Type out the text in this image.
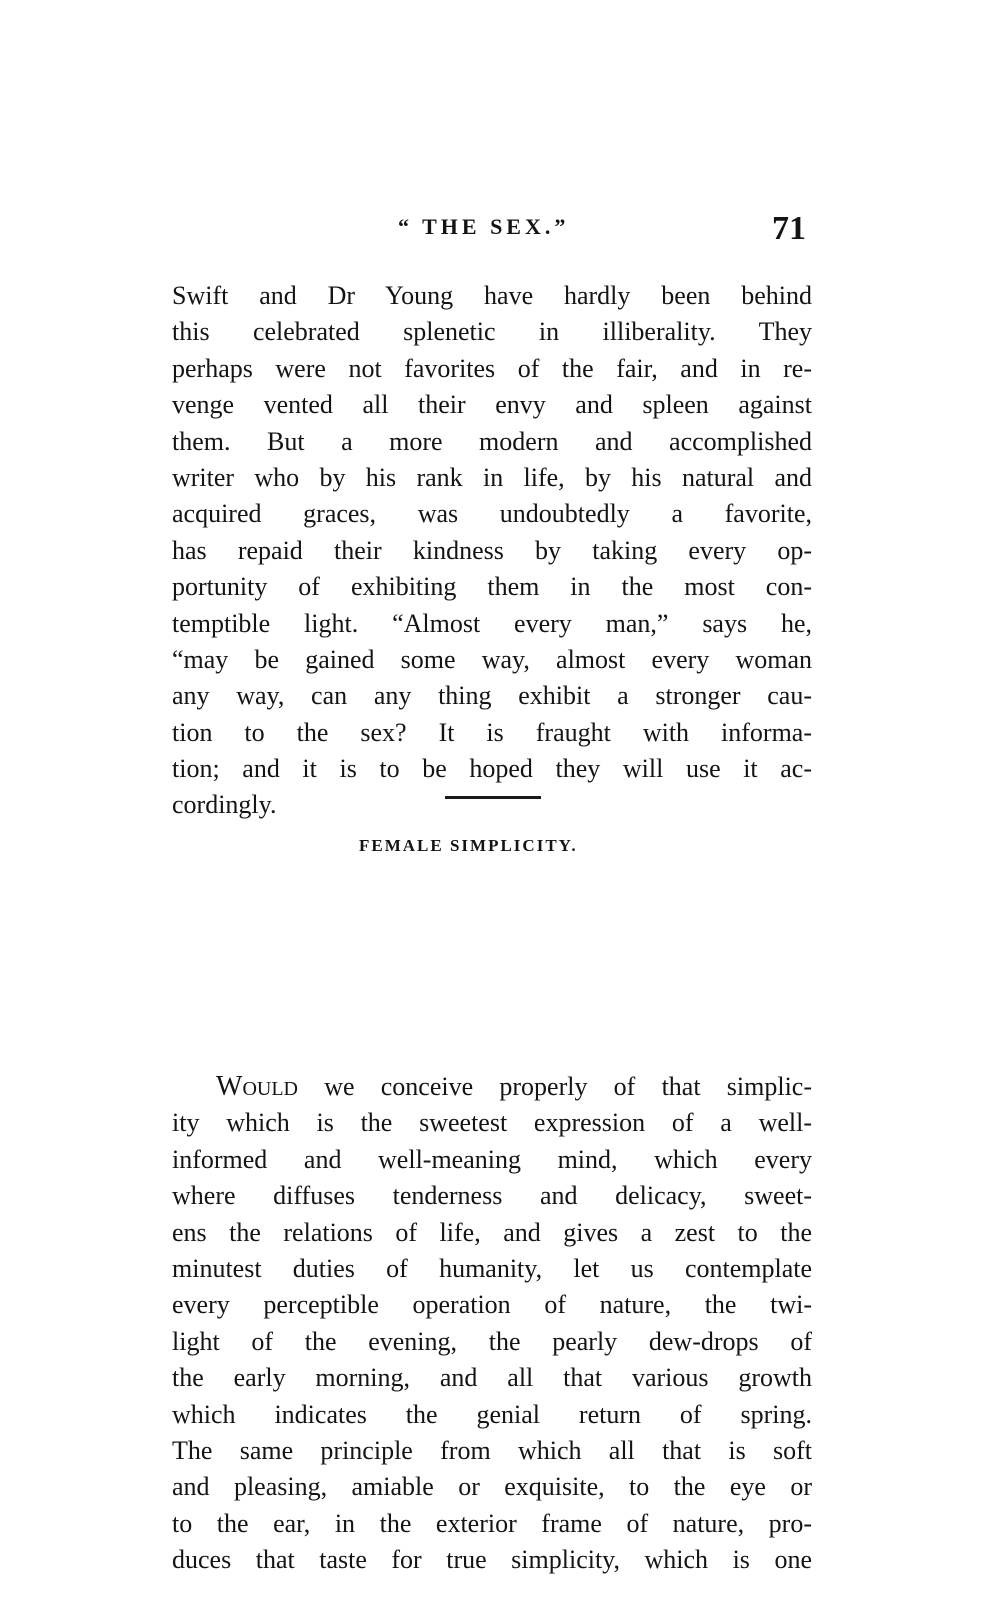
“ THE SEX.”	71
Swift and Dr Young have hardly been behind
this celebrated splenetic in illiberality. They
perhaps were not favorites of the fair, and in re-
venge vented all their envy and spleen against
them. But a more modern and accomplished
writer who by his rank in life, by his natural and
acquired graces, was undoubtedly a favorite,
has repaid their kindness by taking every op-
portunity of exhibiting them in the most con-
temptible light. “Almost every man,” says he,
“may be gained some way, almost every woman
any way, can any thing exhibit a stronger cau-
tion to the sex? It is fraught with informa-
tion; and it is to be hoped they will use it ac-
cordingly.
FEMALE SIMPLICITY.
WOULD we conceive properly of that simplic-
ity which is the sweetest expression of a well-
informed and well-meaning mind, which every
where diffuses tenderness and delicacy, sweet-
ens the relations of life, and gives a zest to the
minutest duties of humanity, let us contemplate
every perceptible operation of nature, the twi-
light of the evening, the pearly dew-drops of
the early morning, and all that various growth
which indicates the genial return of spring.
The same principle from which all that is soft
and pleasing, amiable or exquisite, to the eye or
to the ear, in the exterior frame of nature, pro-
duces that taste for true simplicity, which is one
